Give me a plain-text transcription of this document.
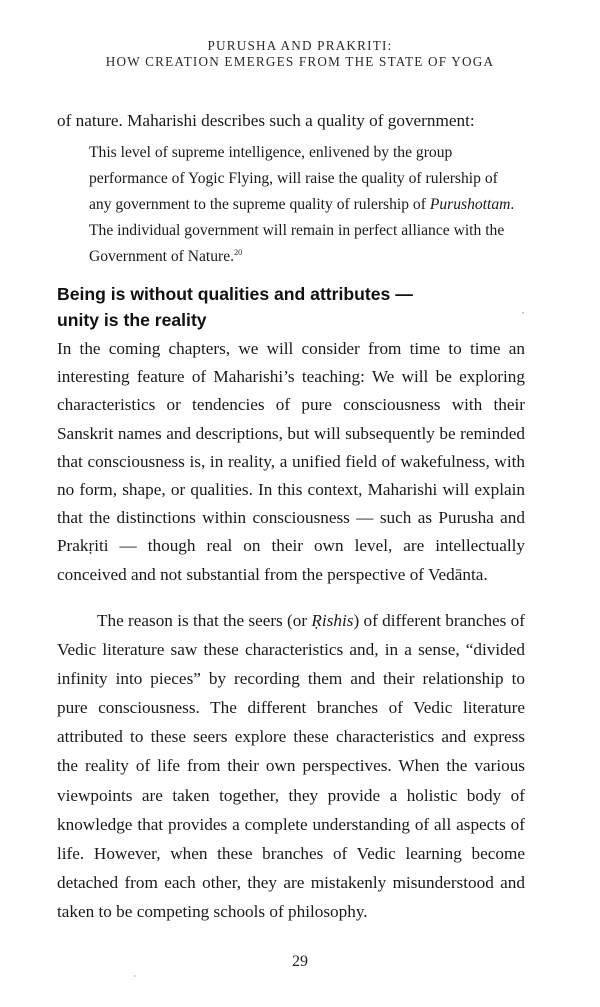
PURUSHA AND PRAKRITI:
HOW CREATION EMERGES FROM THE STATE OF YOGA

of nature. Maharishi describes such a quality of government:

This level of supreme intelligence, enlivened by the group performance of Yogic Flying, will raise the quality of rulership of any government to the supreme quality of rulership of Purushottam. The individual government will remain in perfect alliance with the Government of Nature.$^{20}$

Being is without qualities and attributes —
unity is the reality

In the coming chapters, we will consider from time to time an interesting feature of Maharishi’s teaching: We will be exploring characteristics or tendencies of pure consciousness with their Sanskrit names and descriptions, but will subsequently be reminded that consciousness is, in reality, a unified field of wakefulness, with no form, shape, or qualities. In this context, Maharishi will explain that the distinctions within consciousness — such as Purusha and Prakṛiti — though real on their own level, are intellectually conceived and not substantial from the perspective of Vedānta.

The reason is that the seers (or Ṛishis) of different branches of Vedic literature saw these characteristics and, in a sense, “divided infinity into pieces” by recording them and their relationship to pure consciousness. The different branches of Vedic literature attributed to these seers explore these characteristics and express the reality of life from their own perspectives. When the various viewpoints are taken together, they provide a holistic body of knowledge that provides a complete understanding of all aspects of life. However, when these branches of Vedic learning become detached from each other, they are mistakenly misunderstood and taken to be competing schools of philosophy.

29
